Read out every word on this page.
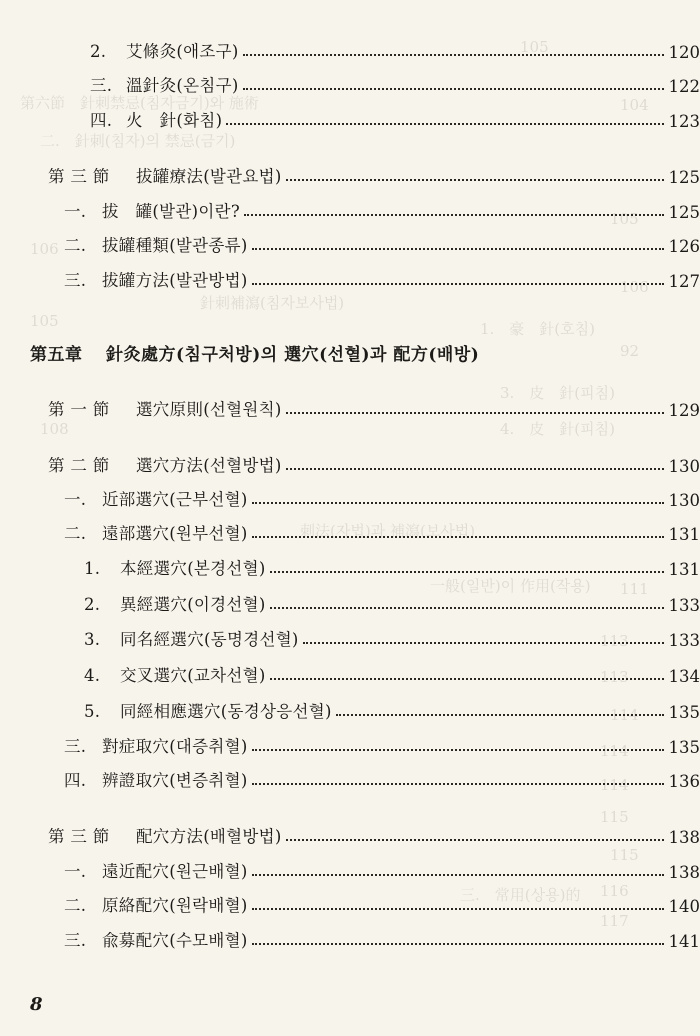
105
第六節　針刺禁忌(침자금기)와 施術	104
二.　針刺(침자)의 禁忌(금기)
105
106
106
針刺補瀉(침자보사법)
92
105	1.　豪　針(호침)
3.　皮　針(피침)
108	4.　皮　針(피침)
刺法(자법)과 補瀉(보사법)
一般(일반)이 作用(작용) 111
113
113
114
114
114
115
115
116
117
三.　常用(상용)的
2. 艾條灸(애조구)	120
三. 溫針灸(온침구)	122
四. 火　針(화침)	123
第 三 節 拔罐療法(발관요법)	125
一. 拔　罐(발관)이란?	125
二. 拔罐種類(발관종류)	126
三. 拔罐方法(발관방법)	127
第五章 針灸處方(침구처방)의 選穴(선혈)과 配方(배방)
第 一 節 選穴原則(선혈원칙)	129
第 二 節 選穴方法(선혈방법)	130
一. 近部選穴(근부선혈)	130
二. 遠部選穴(원부선혈)	131
1. 本經選穴(본경선혈)	131
2. 異經選穴(이경선혈)	133
3. 同名經選穴(동명경선혈)	133
4. 交叉選穴(교차선혈)	134
5. 同經相應選穴(동경상응선혈)	135
三. 對症取穴(대증취혈)	135
四. 辨證取穴(변증취혈)	136
第 三 節 配穴方法(배혈방법)	138
一. 遠近配穴(원근배혈)	138
二. 原絡配穴(원락배혈)	140
三. 兪募配穴(수모배혈)	141
8
